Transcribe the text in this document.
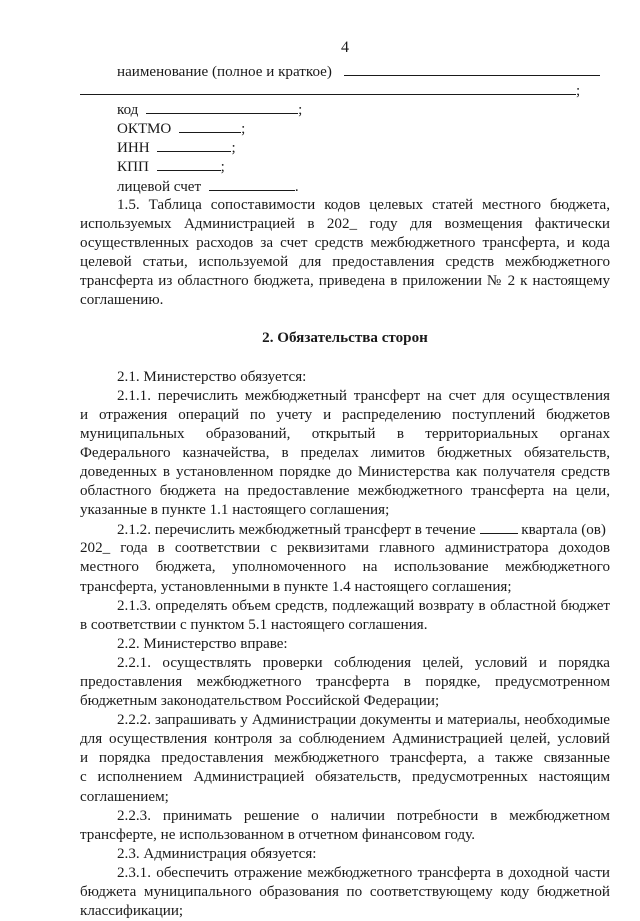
4
наименование (полное и краткое)
;
код	;
ОКТМО	;
ИНН	;
КПП	;
лицевой счет	.
1.5. Таблица сопоставимости кодов целевых статей местного бюджета,
используемых Администрацией в 202_ году для возмещения фактически
осуществленных расходов за счет средств межбюджетного трансферта, и кода
целевой статьи, используемой для предоставления средств межбюджетного
трансферта из областного бюджета, приведена в приложении № 2 к настоящему
соглашению.
2. Обязательства сторон
2.1. Министерство обязуется:
2.1.1. перечислить межбюджетный трансферт на счет для осуществления
и отражения операций по учету и распределению поступлений бюджетов
муниципальных образований, открытый в территориальных органах
Федерального казначейства, в пределах лимитов бюджетных обязательств,
доведенных в установленном порядке до Министерства как получателя средств
областного бюджета на предоставление межбюджетного трансферта на цели,
указанные в пункте 1.1 настоящего соглашения;
2.1.2. перечислить межбюджетный трансферт в течение	квартала (ов)
202_ года в соответствии с реквизитами главного администратора доходов
местного бюджета, уполномоченного на использование межбюджетного
трансферта, установленными в пункте 1.4 настоящего соглашения;
2.1.3. определять объем средств, подлежащий возврату в областной бюджет
в соответствии с пунктом 5.1 настоящего соглашения.
2.2. Министерство вправе:
2.2.1. осуществлять проверки соблюдения целей, условий и порядка
предоставления межбюджетного трансферта в порядке, предусмотренном
бюджетным законодательством Российской Федерации;
2.2.2. запрашивать у Администрации документы и материалы, необходимые
для осуществления контроля за соблюдением Администрацией целей, условий
и порядка предоставления межбюджетного трансферта, а также связанные
с исполнением Администрацией обязательств, предусмотренных настоящим
соглашением;
2.2.3. принимать решение о наличии потребности в межбюджетном
трансферте, не использованном в отчетном финансовом году.
2.3. Администрация обязуется:
2.3.1. обеспечить отражение межбюджетного трансферта в доходной части
бюджета муниципального образования по соответствующему коду бюджетной
классификации;
